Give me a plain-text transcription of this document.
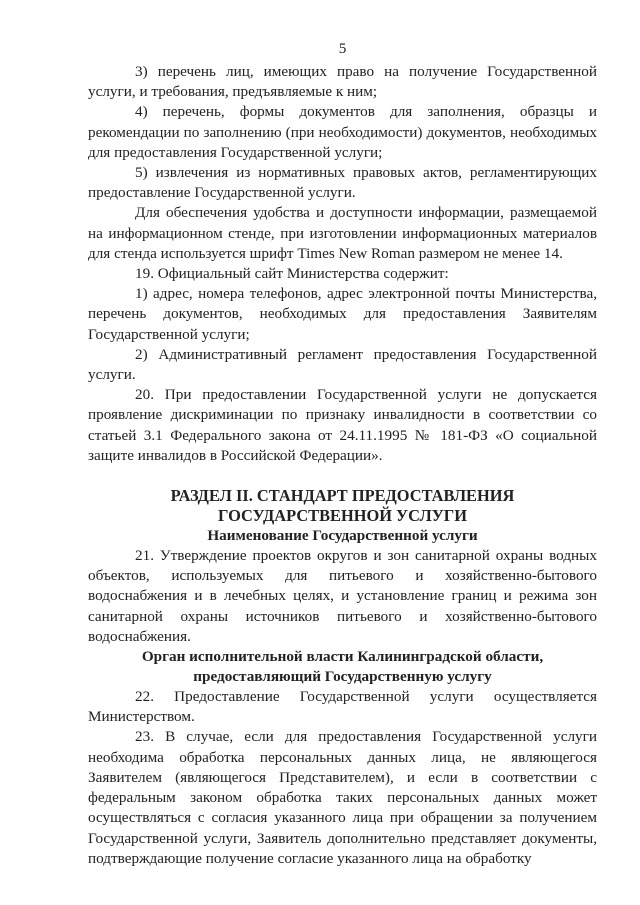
5

3) перечень лиц, имеющих право на получение Государственной услуги, и требования, предъявляемые к ним;

4) перечень, формы документов для заполнения, образцы и рекомендации по заполнению (при необходимости) документов, необходимых для предоставления Государственной услуги;

5) извлечения из нормативных правовых актов, регламентирующих предоставление Государственной услуги.

Для обеспечения удобства и доступности информации, размещаемой на информационном стенде, при изготовлении информационных материалов для стенда используется шрифт Times New Roman размером не менее 14.

19. Официальный сайт Министерства содержит:

1) адрес, номера телефонов, адрес электронной почты Министерства, перечень документов, необходимых для предоставления Заявителям Государственной услуги;

2) Административный регламент предоставления Государственной услуги.

20. При предоставлении Государственной услуги не допускается проявление дискриминации по признаку инвалидности в соответствии со статьей 3.1 Федерального закона от 24.11.1995 № 181-ФЗ «О социальной защите инвалидов в Российской Федерации».

РАЗДЕЛ II. СТАНДАРТ ПРЕДОСТАВЛЕНИЯ
ГОСУДАРСТВЕННОЙ УСЛУГИ
Наименование Государственной услуги

21. Утверждение проектов округов и зон санитарной охраны водных объектов, используемых для питьевого и хозяйственно-бытового водоснабжения и в лечебных целях, и установление границ и режима зон санитарной охраны источников питьевого и хозяйственно-бытового водоснабжения.

Орган исполнительной власти Калининградской области,
предоставляющий Государственную услугу

22. Предоставление Государственной услуги осуществляется Министерством.

23. В случае, если для предоставления Государственной услуги необходима обработка персональных данных лица, не являющегося Заявителем (являющегося Представителем), и если в соответствии с федеральным законом обработка таких персональных данных может осуществляться с согласия указанного лица при обращении за получением Государственной услуги, Заявитель дополнительно представляет документы, подтверждающие получение согласие указанного лица на обработку
